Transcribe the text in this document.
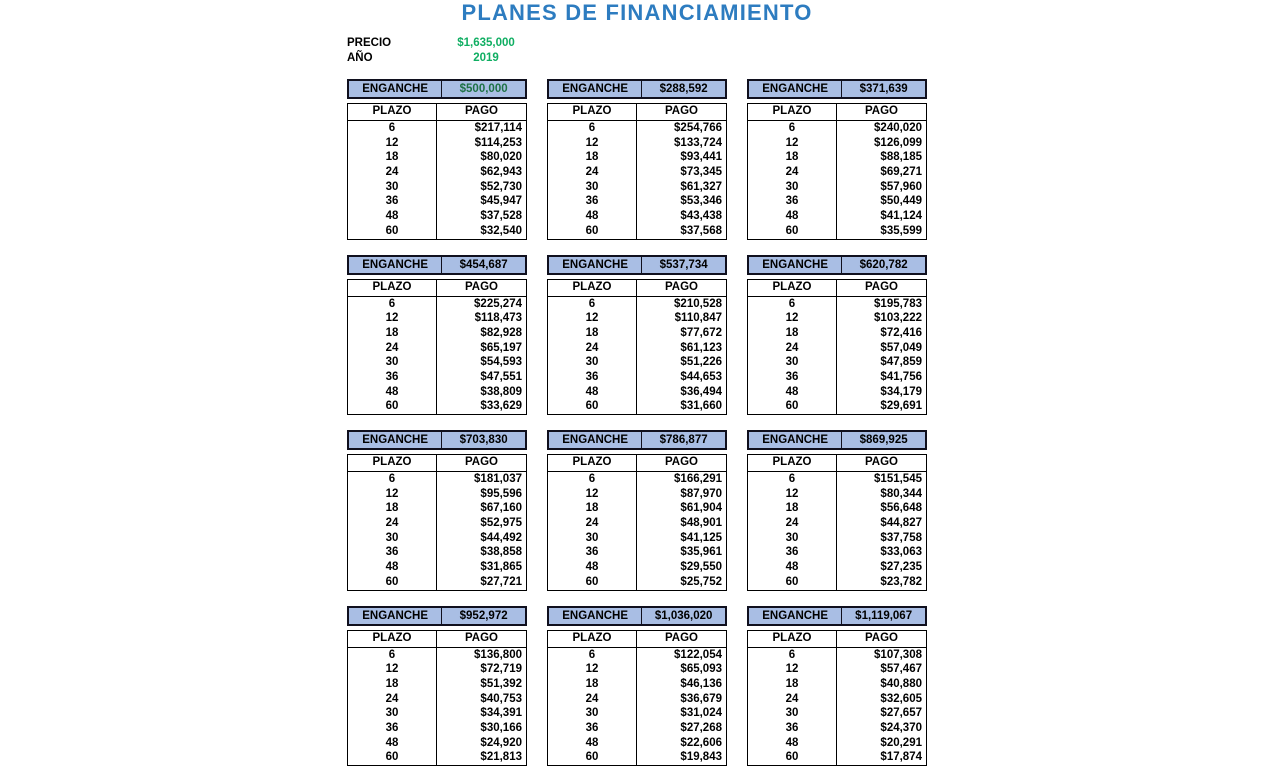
PLANES DE FINANCIAMIENTO
PRECIO	$1,635,000
AÑO	2019
ENGANCHE	$500,000
PLAZO	PAGO
6	$217,114
12	$114,253
18	$80,020
24	$62,943
30	$52,730
36	$45,947
48	$37,528
60	$32,540
ENGANCHE	$288,592
PLAZO	PAGO
6	$254,766
12	$133,724
18	$93,441
24	$73,345
30	$61,327
36	$53,346
48	$43,438
60	$37,568
ENGANCHE	$371,639
PLAZO	PAGO
6	$240,020
12	$126,099
18	$88,185
24	$69,271
30	$57,960
36	$50,449
48	$41,124
60	$35,599
ENGANCHE	$454,687
PLAZO	PAGO
6	$225,274
12	$118,473
18	$82,928
24	$65,197
30	$54,593
36	$47,551
48	$38,809
60	$33,629
ENGANCHE	$537,734
PLAZO	PAGO
6	$210,528
12	$110,847
18	$77,672
24	$61,123
30	$51,226
36	$44,653
48	$36,494
60	$31,660
ENGANCHE	$620,782
PLAZO	PAGO
6	$195,783
12	$103,222
18	$72,416
24	$57,049
30	$47,859
36	$41,756
48	$34,179
60	$29,691
ENGANCHE	$703,830
PLAZO	PAGO
6	$181,037
12	$95,596
18	$67,160
24	$52,975
30	$44,492
36	$38,858
48	$31,865
60	$27,721
ENGANCHE	$786,877
PLAZO	PAGO
6	$166,291
12	$87,970
18	$61,904
24	$48,901
30	$41,125
36	$35,961
48	$29,550
60	$25,752
ENGANCHE	$869,925
PLAZO	PAGO
6	$151,545
12	$80,344
18	$56,648
24	$44,827
30	$37,758
36	$33,063
48	$27,235
60	$23,782
ENGANCHE	$952,972
PLAZO	PAGO
6	$136,800
12	$72,719
18	$51,392
24	$40,753
30	$34,391
36	$30,166
48	$24,920
60	$21,813
ENGANCHE	$1,036,020
PLAZO	PAGO
6	$122,054
12	$65,093
18	$46,136
24	$36,679
30	$31,024
36	$27,268
48	$22,606
60	$19,843
ENGANCHE	$1,119,067
PLAZO	PAGO
6	$107,308
12	$57,467
18	$40,880
24	$32,605
30	$27,657
36	$24,370
48	$20,291
60	$17,874
